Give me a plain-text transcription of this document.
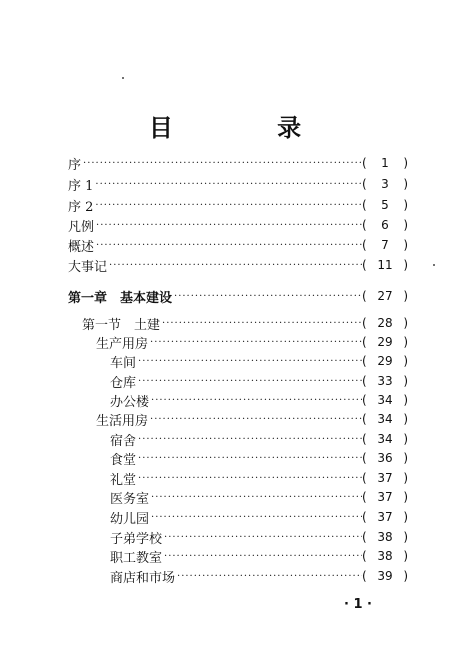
目 录
序 ·····	(	1	)
序 1 ·····	(	3	)
序 2 ·····	(	5	)
凡例 ·····	(	6	)
概述 ·····	(	7	)
大事记 ·····	( 11 )
第一章　基本建设 ·····	( 27 )
第一节　土建 ·····	( 28 )
生产用房 ·····	( 29 )
车间 ·····	( 29 )
仓库 ·····	( 33 )
办公楼 ·····	( 34 )
生活用房 ·····	( 34 )
宿舍 ·····	( 34 )
食堂 ·····	( 36 )
礼堂 ·····	( 37 )
医务室 ·····	( 37 )
幼儿园 ·····	( 37 )
子弟学校 ·····	( 38 )
职工教室 ·····	( 38 )
商店和市场 ·····	( 39 )
· 1 ·
